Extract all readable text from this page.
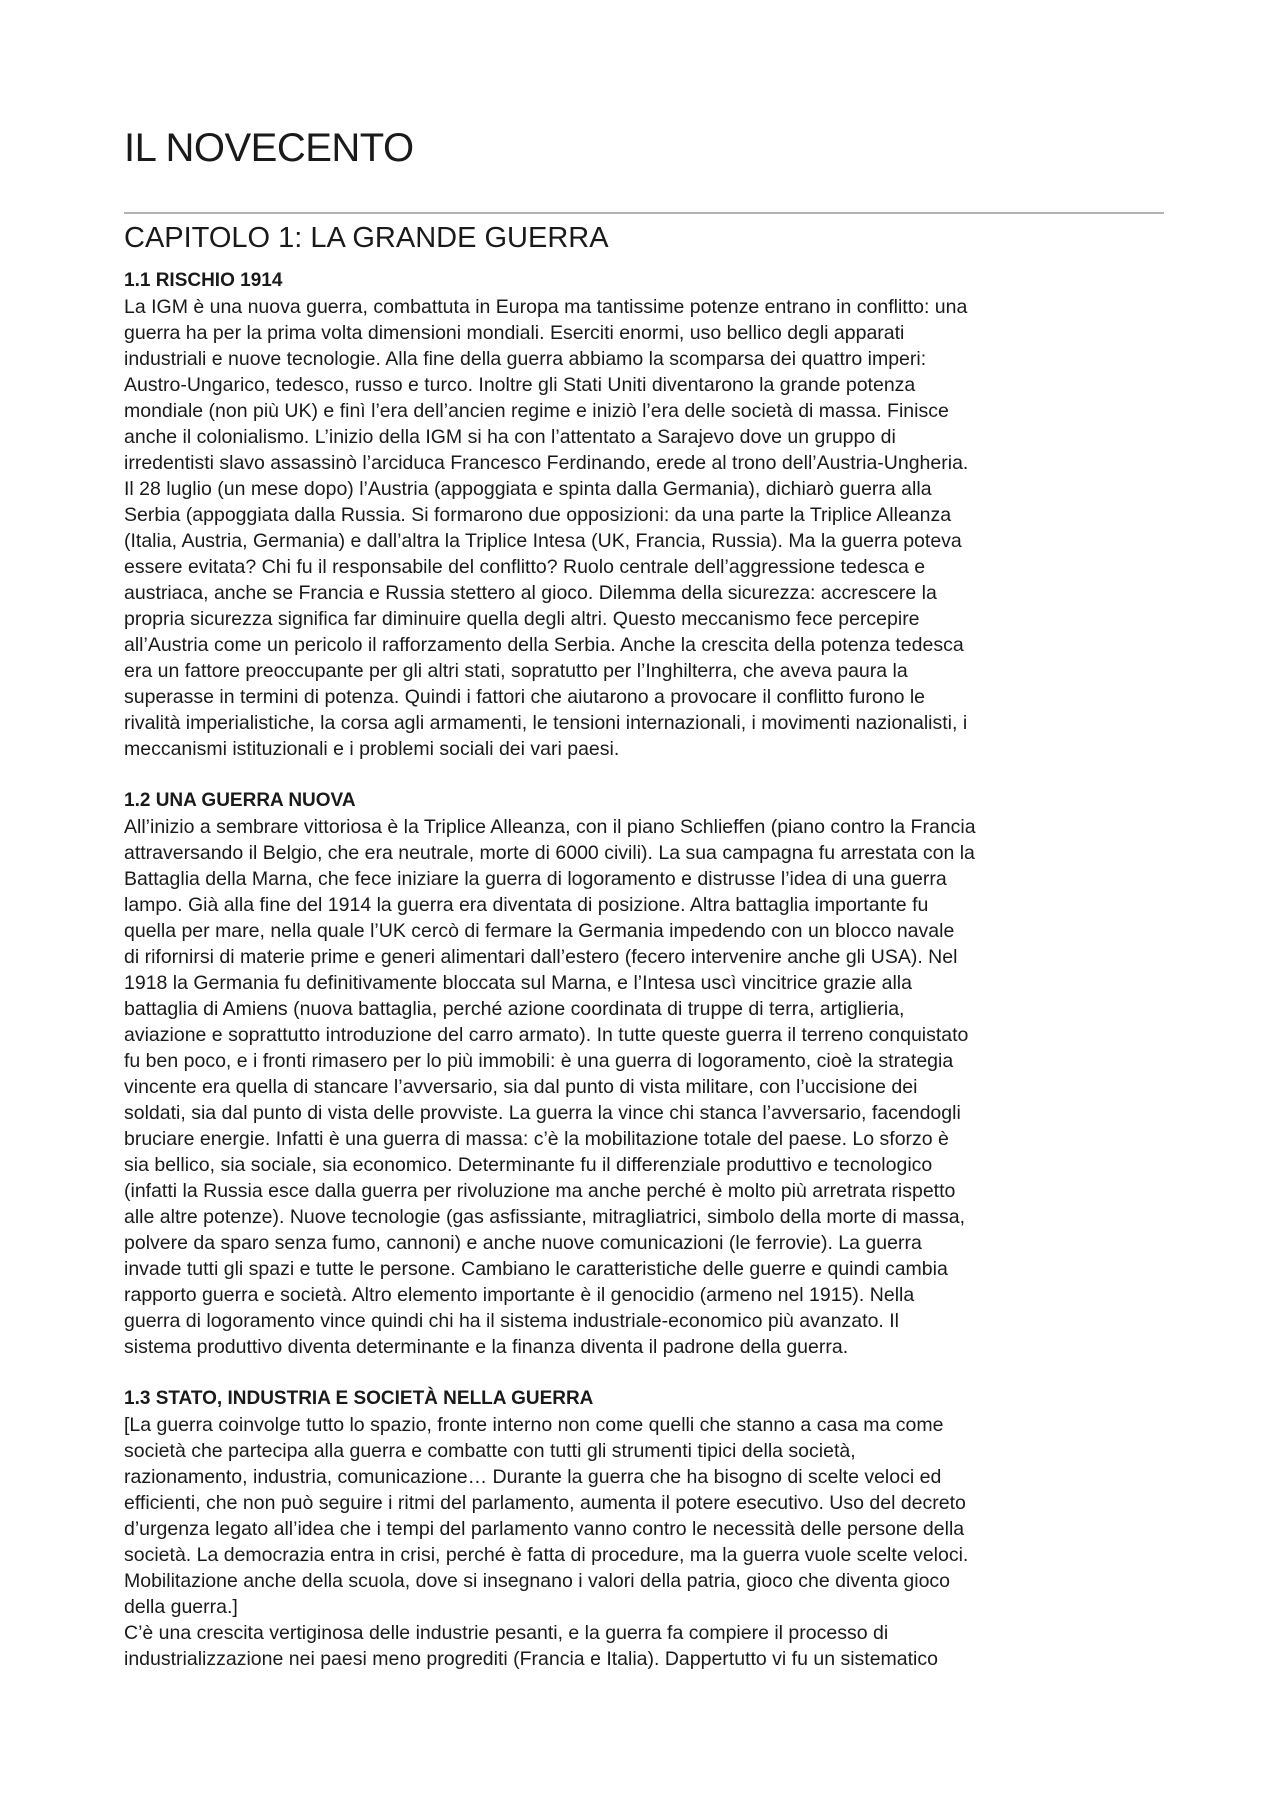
IL NOVECENTO
CAPITOLO 1: LA GRANDE GUERRA
1.1 RISCHIO 1914

La IGM è una nuova guerra, combattuta in Europa ma tantissime potenze entrano in conflitto: una
guerra ha per la prima volta dimensioni mondiali. Eserciti enormi, uso bellico degli apparati
industriali e nuove tecnologie. Alla fine della guerra abbiamo la scomparsa dei quattro imperi:
Austro-Ungarico, tedesco, russo e turco. Inoltre gli Stati Uniti diventarono la grande potenza
mondiale (non più UK) e finì l’era dell’ancien regime e iniziò l’era delle società di massa. Finisce
anche il colonialismo. L’inizio della IGM si ha con l’attentato a Sarajevo dove un gruppo di
irredentisti slavo assassinò l’arciduca Francesco Ferdinando, erede al trono dell’Austria-Ungheria.
Il 28 luglio (un mese dopo) l’Austria (appoggiata e spinta dalla Germania), dichiarò guerra alla
Serbia (appoggiata dalla Russia. Si formarono due opposizioni: da una parte la Triplice Alleanza
(Italia, Austria, Germania) e dall’altra la Triplice Intesa (UK, Francia, Russia). Ma la guerra poteva
essere evitata? Chi fu il responsabile del conflitto? Ruolo centrale dell’aggressione tedesca e
austriaca, anche se Francia e Russia stettero al gioco. Dilemma della sicurezza: accrescere la
propria sicurezza significa far diminuire quella degli altri. Questo meccanismo fece percepire
all’Austria come un pericolo il rafforzamento della Serbia. Anche la crescita della potenza tedesca
era un fattore preoccupante per gli altri stati, sopratutto per l’Inghilterra, che aveva paura la
superasse in termini di potenza. Quindi i fattori che aiutarono a provocare il conflitto furono le
rivalità imperialistiche, la corsa agli armamenti, le tensioni internazionali, i movimenti nazionalisti, i
meccanismi istituzionali e i problemi sociali dei vari paesi.

1.2 UNA GUERRA NUOVA

All’inizio a sembrare vittoriosa è la Triplice Alleanza, con il piano Schlieffen (piano contro la Francia
attraversando il Belgio, che era neutrale, morte di 6000 civili). La sua campagna fu arrestata con la
Battaglia della Marna, che fece iniziare la guerra di logoramento e distrusse l’idea di una guerra
lampo. Già alla fine del 1914 la guerra era diventata di posizione. Altra battaglia importante fu
quella per mare, nella quale l’UK cercò di fermare la Germania impedendo con un blocco navale
di rifornirsi di materie prime e generi alimentari dall’estero (fecero intervenire anche gli USA). Nel
1918 la Germania fu definitivamente bloccata sul Marna, e l’Intesa uscì vincitrice grazie alla
battaglia di Amiens (nuova battaglia, perché azione coordinata di truppe di terra, artiglieria,
aviazione e soprattutto introduzione del carro armato). In tutte queste guerra il terreno conquistato
fu ben poco, e i fronti rimasero per lo più immobili: è una guerra di logoramento, cioè la strategia
vincente era quella di stancare l’avversario, sia dal punto di vista militare, con l’uccisione dei
soldati, sia dal punto di vista delle provviste. La guerra la vince chi stanca l’avversario, facendogli
bruciare energie. Infatti è una guerra di massa: c’è la mobilitazione totale del paese. Lo sforzo è
sia bellico, sia sociale, sia economico. Determinante fu il differenziale produttivo e tecnologico
(infatti la Russia esce dalla guerra per rivoluzione ma anche perché è molto più arretrata rispetto
alle altre potenze). Nuove tecnologie (gas asfissiante, mitragliatrici, simbolo della morte di massa,
polvere da sparo senza fumo, cannoni) e anche nuove comunicazioni (le ferrovie). La guerra
invade tutti gli spazi e tutte le persone. Cambiano le caratteristiche delle guerre e quindi cambia
rapporto guerra e società. Altro elemento importante è il genocidio (armeno nel 1915). Nella
guerra di logoramento vince quindi chi ha il sistema industriale-economico più avanzato. Il
sistema produttivo diventa determinante e la finanza diventa il padrone della guerra.

1.3 STATO, INDUSTRIA E SOCIETÀ NELLA GUERRA

[La guerra coinvolge tutto lo spazio, fronte interno non come quelli che stanno a casa ma come
società che partecipa alla guerra e combatte con tutti gli strumenti tipici della società,
razionamento, industria, comunicazione… Durante la guerra che ha bisogno di scelte veloci ed
efficienti, che non può seguire i ritmi del parlamento, aumenta il potere esecutivo. Uso del decreto
d’urgenza legato all’idea che i tempi del parlamento vanno contro le necessità delle persone della
società. La democrazia entra in crisi, perché è fatta di procedure, ma la guerra vuole scelte veloci.
Mobilitazione anche della scuola, dove si insegnano i valori della patria, gioco che diventa gioco
della guerra.]
C’è una crescita vertiginosa delle industrie pesanti, e la guerra fa compiere il processo di
industrializzazione nei paesi meno progrediti (Francia e Italia). Dappertutto vi fu un sistematico
